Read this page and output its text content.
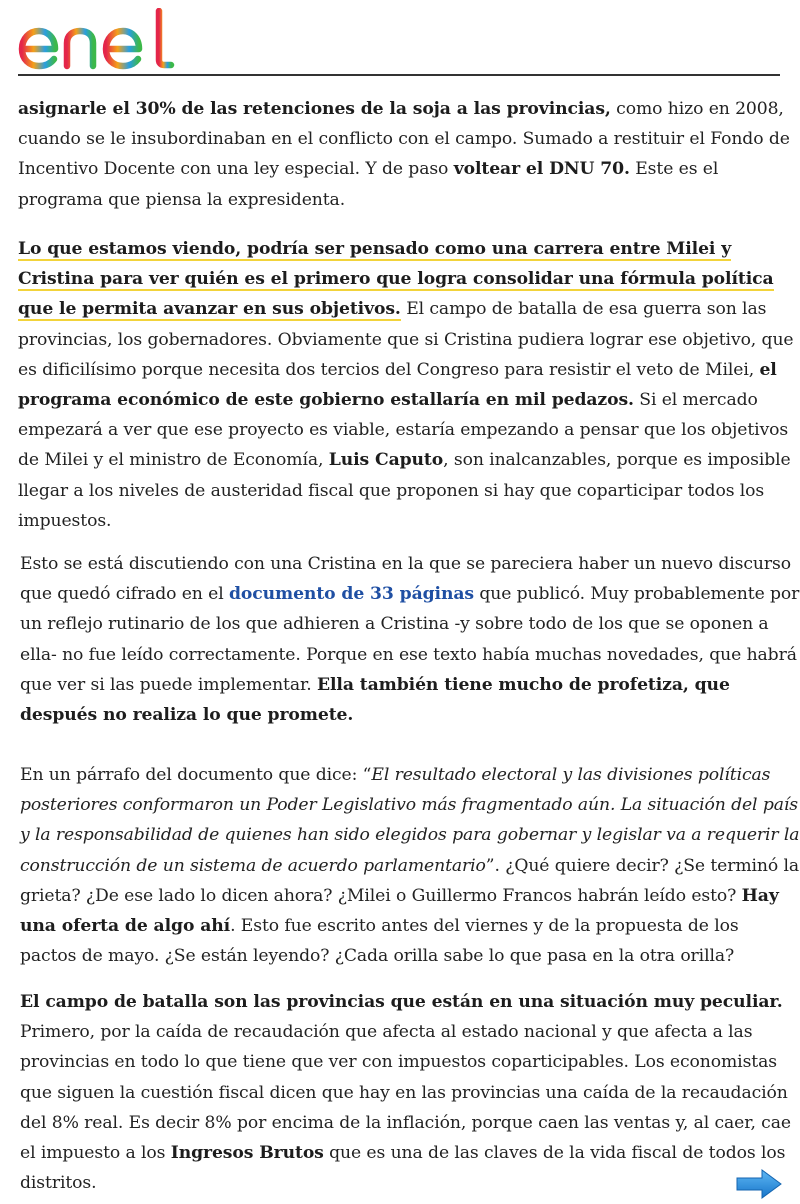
asignarle el 30% de las retenciones de la soja a las provincias, como hizo en 2008, cuando se le insubordinaban en el conflicto con el campo. Sumado a restituir el Fondo de Incentivo Docente con una ley especial. Y de paso voltear el DNU 70. Este es el programa que piensa la expresidenta.

Lo que estamos viendo, podría ser pensado como una carrera entre Milei y Cristina para ver quién es el primero que logra consolidar una fórmula política que le permita avanzar en sus objetivos. El campo de batalla de esa guerra son las provincias, los gobernadores. Obviamente que si Cristina pudiera lograr ese objetivo, que es dificilísimo porque necesita dos tercios del Congreso para resistir el veto de Milei, el programa económico de este gobierno estallaría en mil pedazos. Si el mercado empezará a ver que ese proyecto es viable, estaría empezando a pensar que los objetivos de Milei y el ministro de Economía, Luis Caputo, son inalcanzables, porque es imposible llegar a los niveles de austeridad fiscal que proponen si hay que coparticipar todos los impuestos.

Esto se está discutiendo con una Cristina en la que se pareciera haber un nuevo discurso que quedó cifrado en el documento de 33 páginas que publicó. Muy probablemente por un reflejo rutinario de los que adhieren a Cristina -y sobre todo de los que se oponen a ella- no fue leído correctamente. Porque en ese texto había muchas novedades, que habrá que ver si las puede implementar. Ella también tiene mucho de profetiza, que después no realiza lo que promete.

En un párrafo del documento que dice: “El resultado electoral y las divisiones políticas posteriores conformaron un Poder Legislativo más fragmentado aún. La situación del país y la responsabilidad de quienes han sido elegidos para gobernar y legislar va a requerir la construcción de un sistema de acuerdo parlamentario”. ¿Qué quiere decir? ¿Se terminó la grieta? ¿De ese lado lo dicen ahora? ¿Milei o Guillermo Francos habrán leído esto? Hay una oferta de algo ahí. Esto fue escrito antes del viernes y de la propuesta de los pactos de mayo. ¿Se están leyendo? ¿Cada orilla sabe lo que pasa en la otra orilla?

El campo de batalla son las provincias que están en una situación muy peculiar. Primero, por la caída de recaudación que afecta al estado nacional y que afecta a las provincias en todo lo que tiene que ver con impuestos coparticipables. Los economistas que siguen la cuestión fiscal dicen que hay en las provincias una caída de la recaudación del 8% real. Es decir 8% por encima de la inflación, porque caen las ventas y, al caer, cae el impuesto a los Ingresos Brutos que es una de las claves de la vida fiscal de todos los distritos.
